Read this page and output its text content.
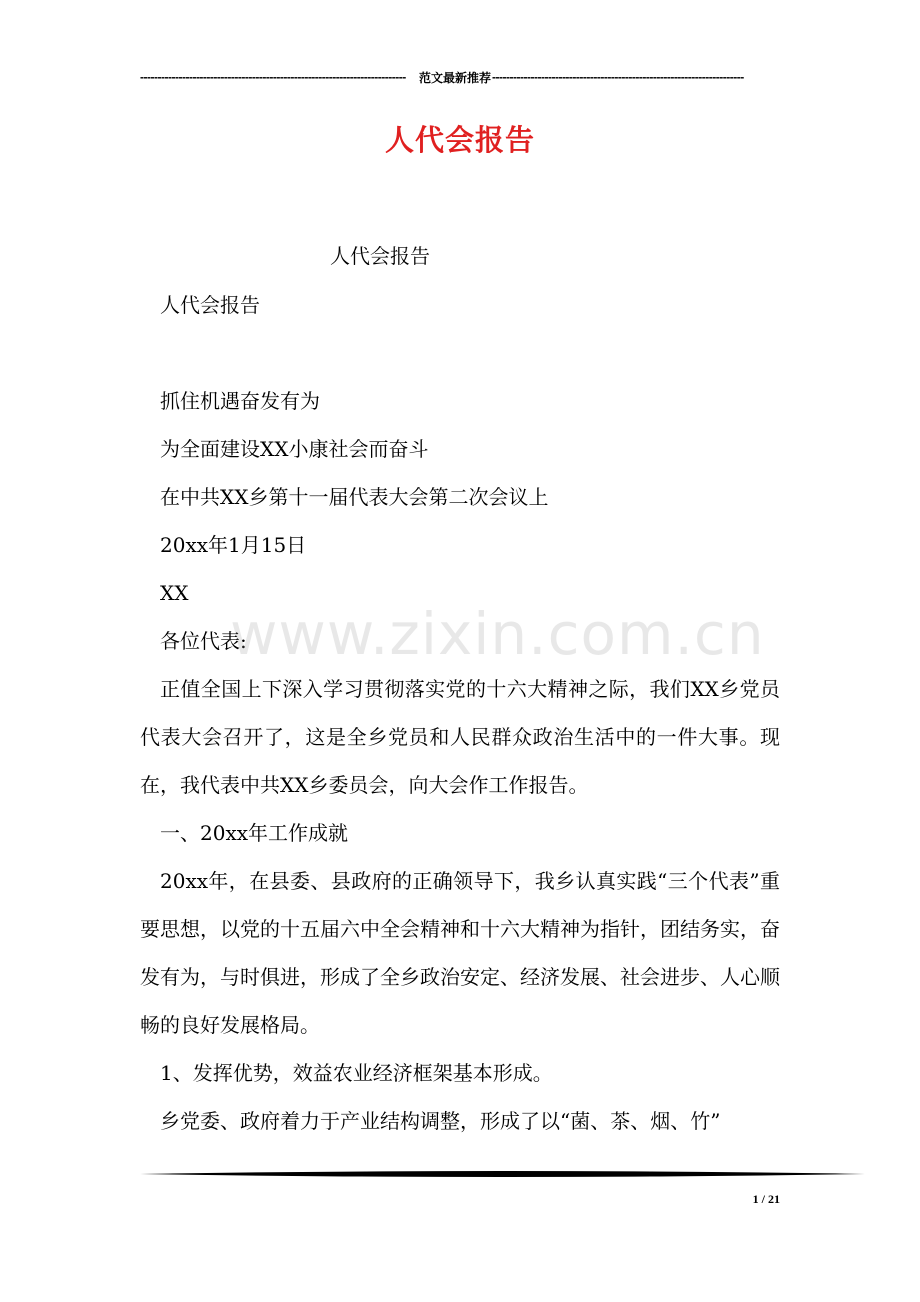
----------------------------------------------------------------------------	范文最新推荐 ------------------------------------------------------------------------
人代会报告
人代会报告
人代会报告
抓住机遇奋发有为
为全面建设XX小康社会而奋斗
在中共XX乡第十一届代表大会第二次会议上
20xx年1月15日
XX
各位代表:
正值全国上下深入学习贯彻落实党的十六大精神之际，我们XX乡党员代表大会召开了，这是全乡党员和人民群众政治生活中的一件大事。现在，我代表中共XX乡委员会，向大会作工作报告。
一、20xx年工作成就
20xx年，在县委、县政府的正确领导下，我乡认真实践“三个代表”重要思想，以党的十五届六中全会精神和十六大精神为指针，团结务实，奋发有为，与时俱进，形成了全乡政治安定、经济发展、社会进步、人心顺畅的良好发展格局。
1、发挥优势，效益农业经济框架基本形成。
乡党委、政府着力于产业结构调整，形成了以“菌、茶、烟、竹”
www.zixin.com.cn
1 / 21
